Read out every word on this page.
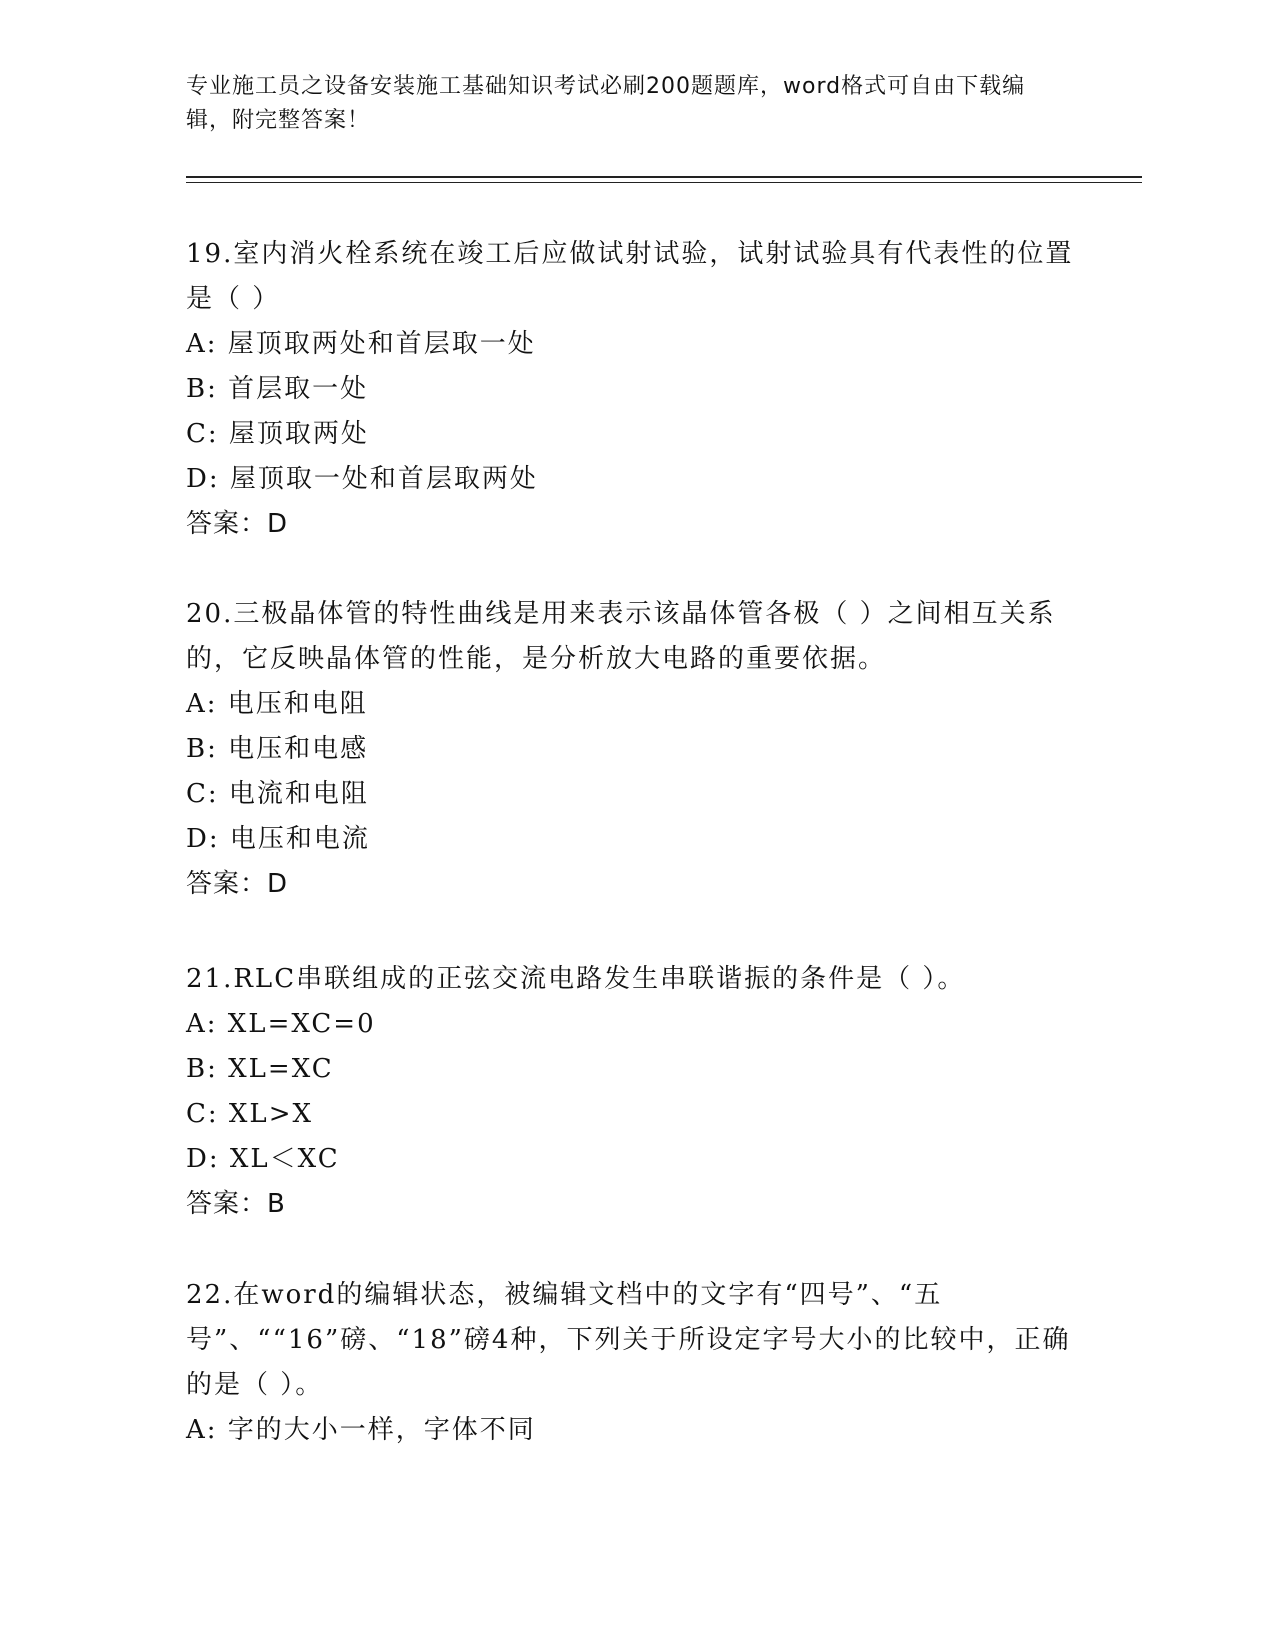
专业施工员之设备安装施工基础知识考试必刷200题题库，word格式可自由下载编辑，附完整答案！

19.室内消火栓系统在竣工后应做试射试验，试射试验具有代表性的位置是（ ）

A: 屋顶取两处和首层取一处

B: 首层取一处

C: 屋顶取两处

D: 屋顶取一处和首层取两处

答案：D

20.三极晶体管的特性曲线是用来表示该晶体管各极（ ）之间相互关系的，它反映晶体管的性能，是分析放大电路的重要依据。

A: 电压和电阻

B: 电压和电感

C: 电流和电阻

D: 电压和电流

答案：D

21.RLC串联组成的正弦交流电路发生串联谐振的条件是（ ）。

A: XL=XC=0

B: XL=XC

C: XL>X

D: XL＜XC

答案：B

22.在word的编辑状态，被编辑文档中的文字有“四号”、“五号”、““16”磅、“18”磅4种，下列关于所设定字号大小的比较中，正确的是（ ）。

A: 字的大小一样，字体不同
